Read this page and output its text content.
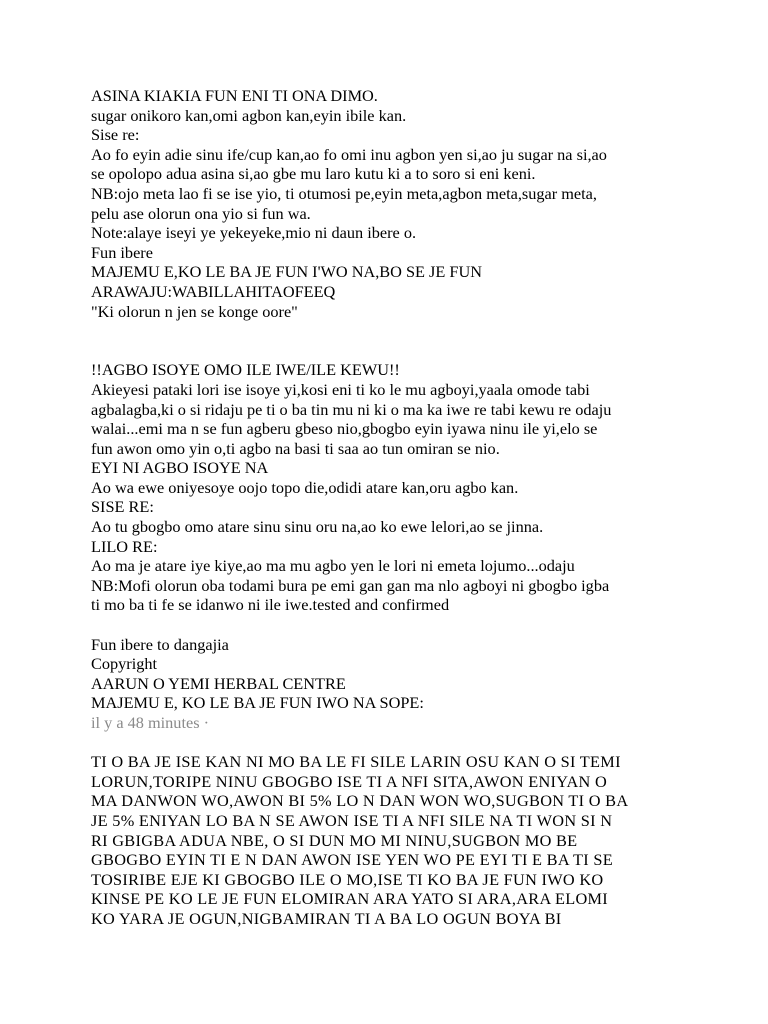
ASINA KIAKIA FUN ENI TI ONA DIMO.
sugar onikoro kan,omi agbon kan,eyin ibile kan.
Sise re:
Ao fo eyin adie sinu ife/cup kan,ao fo omi inu agbon yen si,ao ju sugar na si,ao
se opolopo adua asina si,ao gbe mu laro kutu ki a to soro si eni keni.
NB:ojo meta lao fi se ise yio, ti otumosi pe,eyin meta,agbon meta,sugar meta,
pelu ase olorun ona yio si fun wa.
Note:alaye iseyi ye yekeyeke,mio ni daun ibere o.
Fun ibere
MAJEMU E,KO LE BA JE FUN I'WO NA,BO SE JE FUN
ARAWAJU:WABILLAHITAOFEEQ
"Ki olorun n jen se konge oore"
!!AGBO ISOYE OMO ILE IWE/ILE KEWU!!
Akieyesi pataki lori ise isoye yi,kosi eni ti ko le mu agboyi,yaala omode tabi
agbalagba,ki o si ridaju pe ti o ba tin mu ni ki o ma ka iwe re tabi kewu re odaju
walai...emi ma n se fun agberu gbeso nio,gbogbo eyin iyawa ninu ile yi,elo se
fun awon omo yin o,ti agbo na basi ti saa ao tun omiran se nio.
EYI NI AGBO ISOYE NA
Ao wa ewe oniyesoye oojo topo die,odidi atare kan,oru agbo kan.
SISE RE:
Ao tu gbogbo omo atare sinu sinu oru na,ao ko ewe lelori,ao se jinna.
LILO RE:
Ao ma je atare iye kiye,ao ma mu agbo yen le lori ni emeta lojumo...odaju
NB:Mofi olorun oba todami bura pe emi gan gan ma nlo agboyi ni gbogbo igba
ti mo ba ti fe se idanwo ni ile iwe.tested and confirmed
Fun ibere to dangajia
Copyright
AARUN O YEMI HERBAL CENTRE
MAJEMU E, KO LE BA JE FUN IWO NA SOPE:
il y a 48 minutes ·
TI O BA JE ISE KAN NI MO BA LE FI SILE LARIN OSU KAN O SI TEMI
LORUN,TORIPE NINU GBOGBO ISE TI A NFI SITA,AWON ENIYAN O
MA DANWON WO,AWON BI 5% LO N DAN WON WO,SUGBON TI O BA
JE 5% ENIYAN LO BA N SE AWON ISE TI A NFI SILE NA TI WON SI N
RI GBIGBA ADUA NBE, O SI DUN MO MI NINU,SUGBON MO BE
GBOGBO EYIN TI E N DAN AWON ISE YEN WO PE EYI TI E BA TI SE
TOSIRIBE EJE KI GBOGBO ILE O MO,ISE TI KO BA JE FUN IWO KO
KINSE PE KO LE JE FUN ELOMIRAN ARA YATO SI ARA,ARA ELOMI
KO YARA JE OGUN,NIGBAMIRAN TI A BA LO OGUN BOYA BI
